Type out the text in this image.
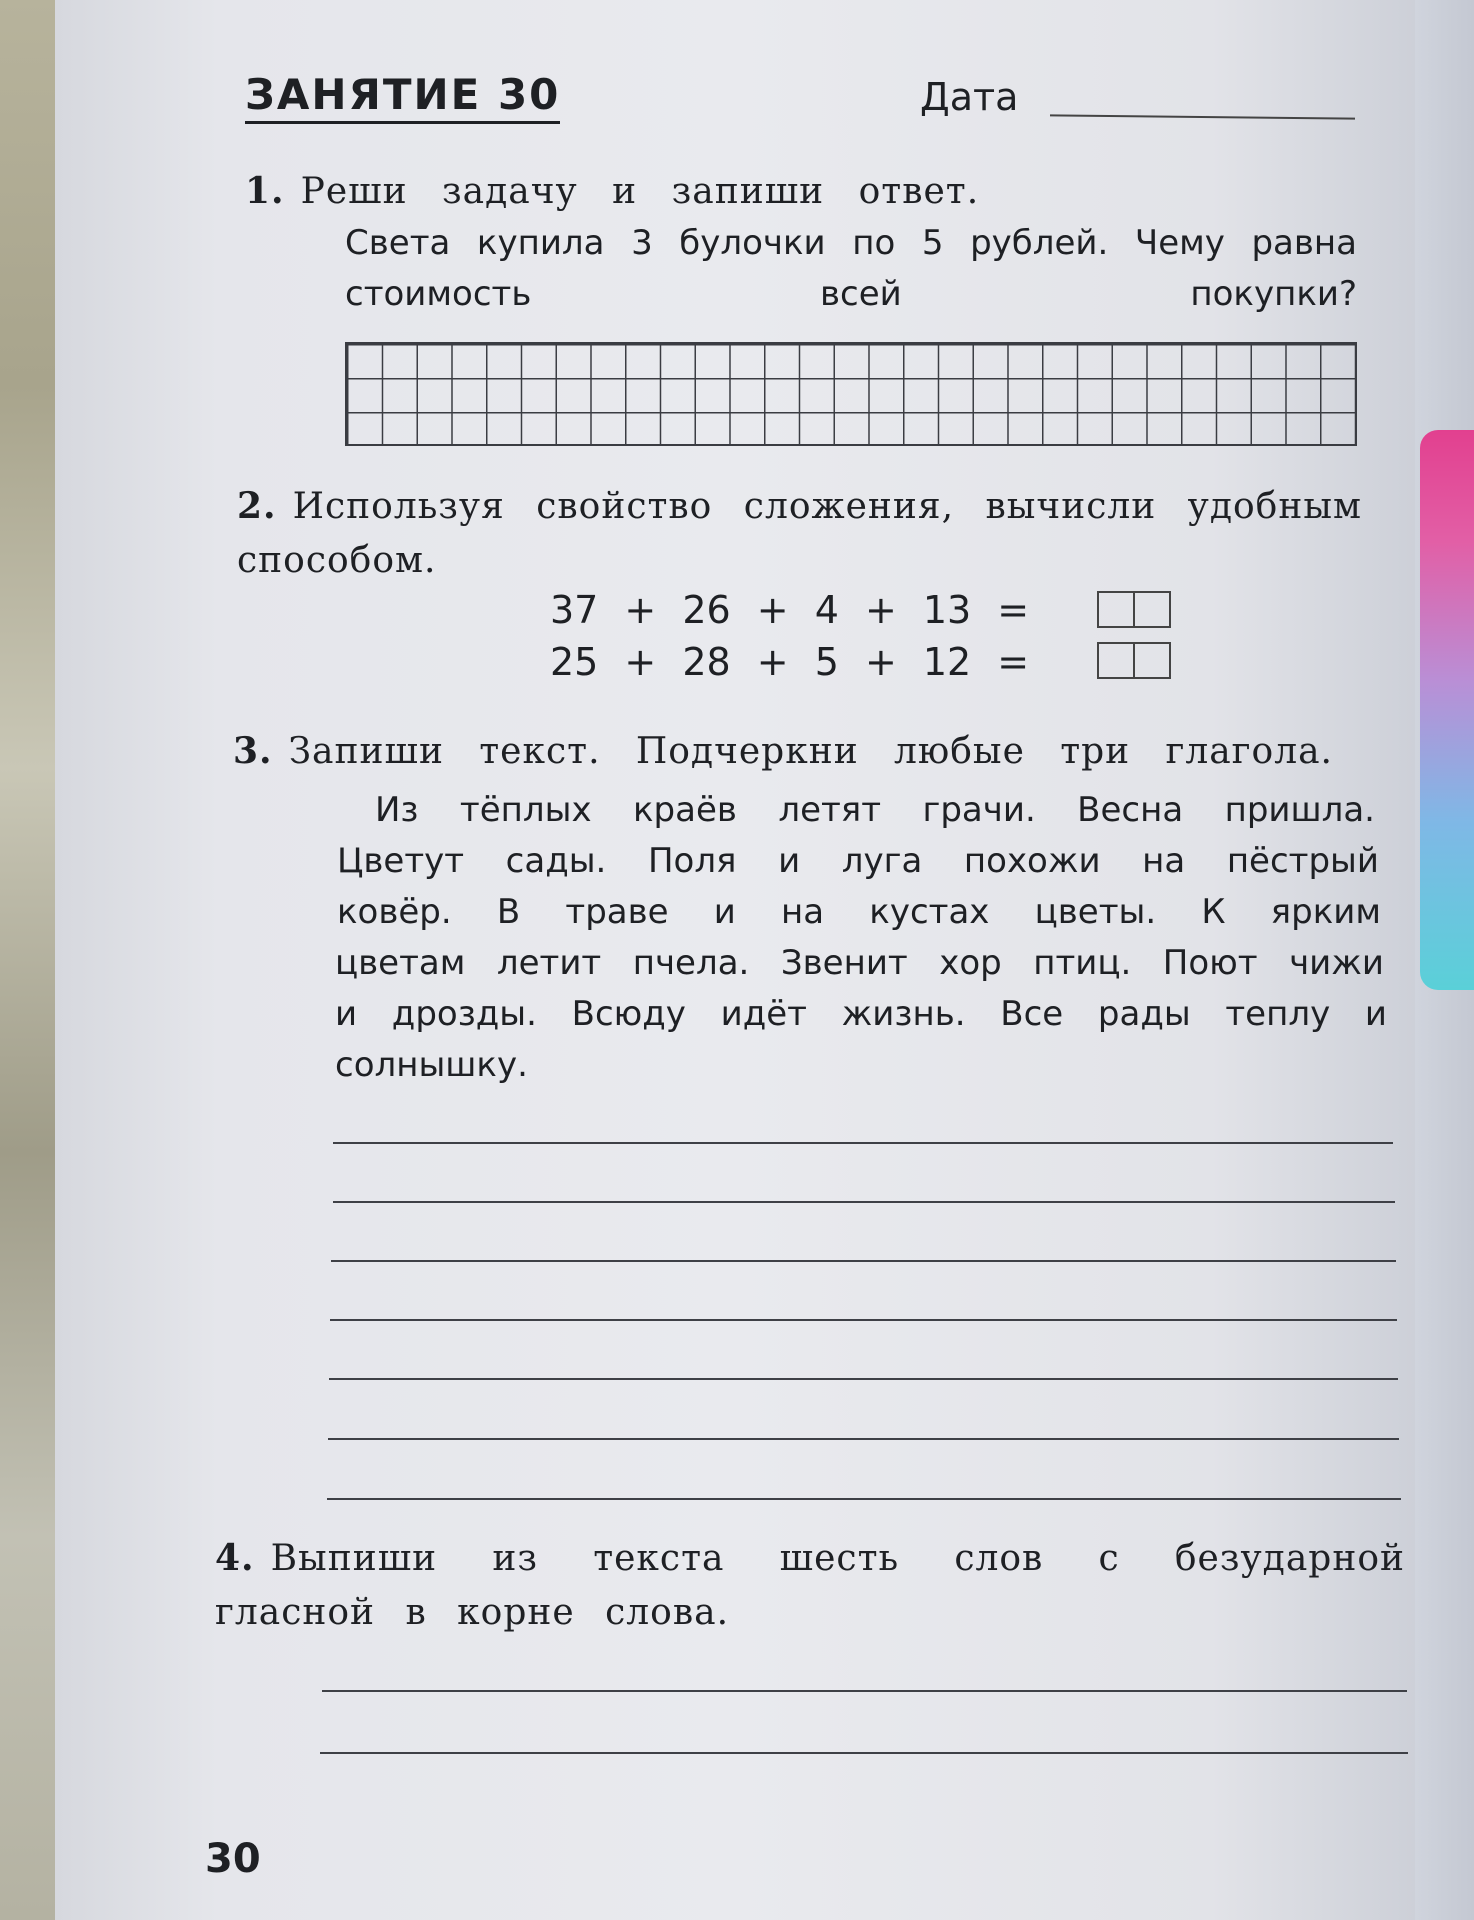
ЗАНЯТИЕ 30	Дата
1. Реши задачу и запиши ответ.
Света купила 3 булочки по 5 рублей. Чему равна стоимость всей покупки?
2. Используя свойство сложения, вычисли удобным
способом.
37 + 26 + 4 + 13 =
25 + 28 + 5 + 12 =
3. Запиши текст. Подчеркни любые три глагола.
Из тёплых краёв летят грачи. Весна пришла.
Цветут сады. Поля и луга похожи на пёстрый
ковёр. В траве и на кустах цветы. К ярким
цветам летит пчела. Звенит хор птиц. Поют чижи
и дрозды. Всюду идёт жизнь. Все рады теплу и
солнышку.
4. Выпиши из текста шесть слов с безударной
гласной в корне слова.
30
